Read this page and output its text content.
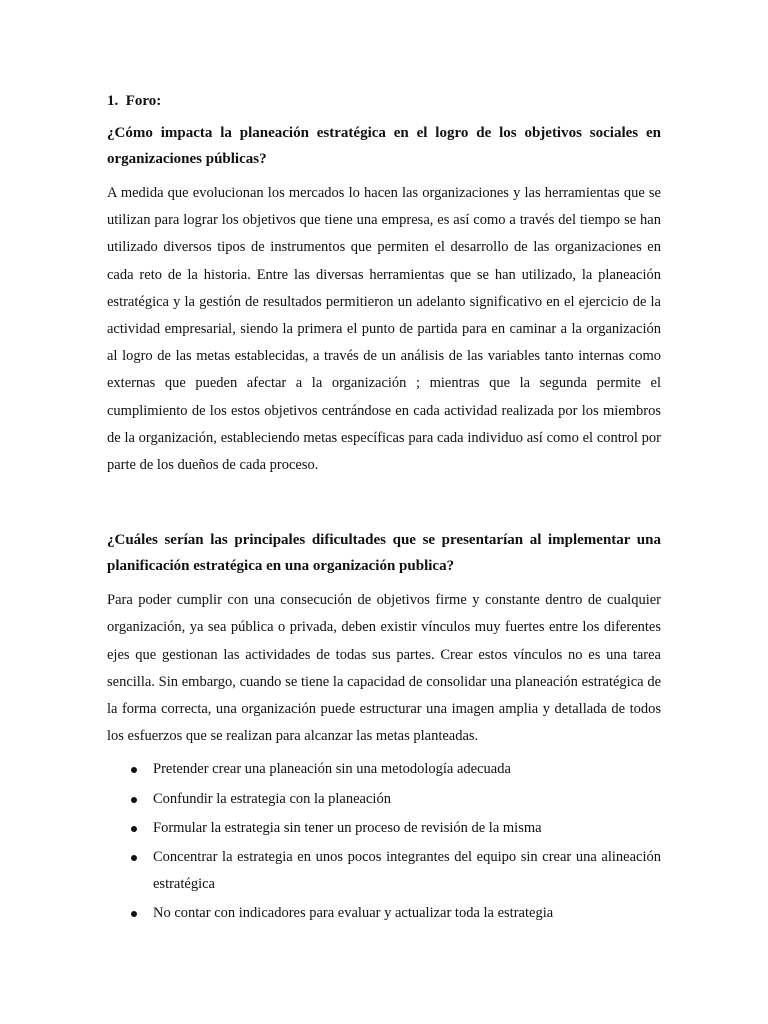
1. Foro:

¿Cómo impacta la planeación estratégica en el logro de los objetivos sociales en organizaciones públicas?

A medida que evolucionan los mercados lo hacen las organizaciones y las herramientas que se utilizan para lograr los objetivos que tiene una empresa, es así como a través del tiempo se han utilizado diversos tipos de instrumentos que permiten el desarrollo de las organizaciones en cada reto de la historia. Entre las diversas herramientas que se han utilizado, la planeación estratégica y la gestión de resultados permitieron un adelanto significativo en el ejercicio de la actividad empresarial, siendo la primera el punto de partida para en caminar a la organización al logro de las metas establecidas, a través de un análisis de las variables tanto internas como externas que pueden afectar a la organización ; mientras que la segunda permite el cumplimiento de los estos objetivos centrándose en cada actividad realizada por los miembros de la organización, estableciendo metas específicas para cada individuo así como el control por parte de los dueños de cada proceso.

¿Cuáles serían las principales dificultades que se presentarían al implementar una planificación estratégica en una organización publica?

Para poder cumplir con una consecución de objetivos firme y constante dentro de cualquier organización, ya sea pública o privada, deben existir vínculos muy fuertes entre los diferentes ejes que gestionan las actividades de todas sus partes. Crear estos vínculos no es una tarea sencilla. Sin embargo, cuando se tiene la capacidad de consolidar una planeación estratégica de la forma correcta, una organización puede estructurar una imagen amplia y detallada de todos los esfuerzos que se realizan para alcanzar las metas planteadas.

Pretender crear una planeación sin una metodología adecuada
Confundir la estrategia con la planeación
Formular la estrategia sin tener un proceso de revisión de la misma
Concentrar la estrategia en unos pocos integrantes del equipo sin crear una alineación estratégica
No contar con indicadores para evaluar y actualizar toda la estrategia
